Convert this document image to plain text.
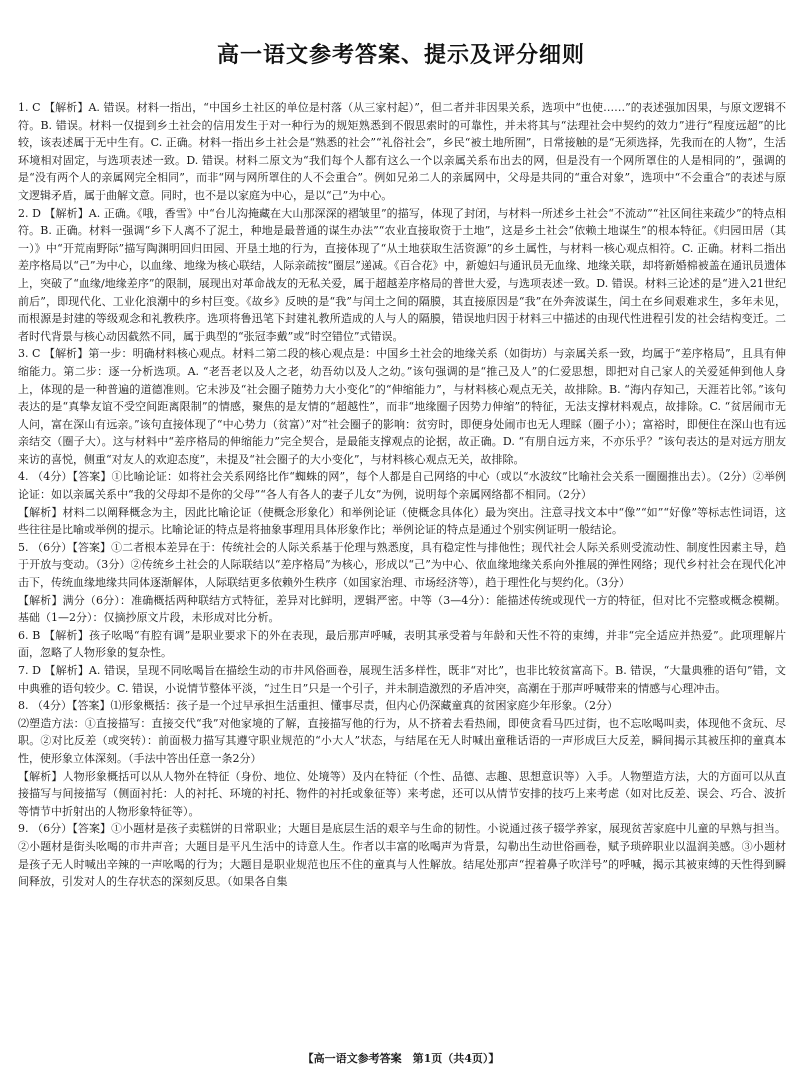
高一语文参考答案、提示及评分细则

1. C 【解析】A. 错误。材料一指出，“中国乡土社区的单位是村落（从三家村起）”，但二者并非因果关系，选项中“也使……”的表述强加因果，与原文逻辑不符。B. 错误。材料一仅提到乡土社会的信用发生于对一种行为的规矩熟悉到不假思索时的可靠性，并未将其与“法理社会中契约的效力”进行“程度远超”的比较，该表述属于无中生有。C. 正确。材料一指出乡土社会是“熟悉的社会”“礼俗社会”，乡民“被土地所囿”，日常接触的是“无须选择，先我而在的人物”，生活环境相对固定，与选项表述一致。D. 错误。材料二原文为“我们每个人都有这么一个以亲属关系布出去的网，但是没有一个网所罩住的人是相同的”，强调的是“没有两个人的亲属网完全相同”，而非“网与网所罩住的人不会重合”。例如兄弟二人的亲属网中，父母是共同的“重合对象”，选项中“不会重合”的表述与原文逻辑矛盾，属于曲解文意。同时，也不是以家庭为中心，是以“己”为中心。

2. D 【解析】A. 正确。《哦，香雪》中“台儿沟掩藏在大山那深深的褶皱里”的描写，体现了封闭，与材料一所述乡土社会“不流动”“社区间往来疏少”的特点相符。B. 正确。材料一强调“乡下人离不了泥土，种地是最普通的谋生办法”“农业直接取资于土地”，这是乡土社会“依赖土地谋生”的根本特征。《归园田居（其一）》中“开荒南野际”描写陶渊明回归田园、开垦土地的行为，直接体现了“从土地获取生活资源”的乡土属性，与材料一核心观点相符。C. 正确。材料二指出差序格局以“己”为中心，以血缘、地缘为核心联结，人际亲疏按“圈层”递减。《百合花》中，新媳妇与通讯员无血缘、地缘关联，却将新婚棉被盖在通讯员遗体上，突破了“血缘/地缘差序”的限制，展现出对革命战友的无私关爱，属于超越差序格局的普世大爱，与选项表述一致。D. 错误。材料三论述的是“进入21世纪前后”，即现代化、工业化浪潮中的乡村巨变。《故乡》反映的是“我”与闰土之间的隔膜，其直接原因是“我”在外奔波谋生，闰土在乡间艰难求生，多年未见，而根源是封建的等级观念和礼教秩序。选项将鲁迅笔下封建礼教所造成的人与人的隔膜，错误地归因于材料三中描述的由现代性进程引发的社会结构变迁。二者时代背景与核心动因截然不同，属于典型的“张冠李戴”或“时空错位”式错误。

3. C 【解析】第一步：明确材料核心观点。材料二第二段的核心观点是：中国乡土社会的地缘关系（如街坊）与亲属关系一致，均属于“差序格局”，且具有伸缩能力。第二步：逐一分析选项。A. “老吾老以及人之老，幼吾幼以及人之幼。”该句强调的是“推己及人”的仁爱思想，即把对自己家人的关爱延伸到他人身上，体现的是一种普遍的道德准则。它未涉及“社会圈子随势力大小变化”的“伸缩能力”，与材料核心观点无关，故排除。B. “海内存知己，天涯若比邻。”该句表达的是“真挚友谊不受空间距离限制”的情感，聚焦的是友情的“超越性”，而非“地缘圈子因势力伸缩”的特征，无法支撑材料观点，故排除。C. “贫居闹市无人问，富在深山有远亲。”该句直接体现了“中心势力（贫富）”对“社会圈子的影响：贫穷时，即便身处闹市也无人理睬（圈子小）；富裕时，即便住在深山也有远亲结交（圈子大）。这与材料中“差序格局的伸缩能力”完全契合，是最能支撑观点的论据，故正确。D. “有朋自远方来，不亦乐乎？”该句表达的是对远方朋友来访的喜悦，侧重“对友人的欢迎态度”，未提及“社会圈子的大小变化”，与材料核心观点无关，故排除。

4. （4分）【答案】①比喻论证：如将社会关系网络比作“蜘蛛的网”，每个人都是自己网络的中心（或以“水波纹”比喻社会关系一圈圈推出去）。（2分）②举例论证：如以亲属关系中“我的父母却不是你的父母”“各人有各人的妻子儿女”为例，说明每个亲属网络都不相同。（2分）

【解析】材料二以阐释概念为主，因此比喻论证（使概念形象化）和举例论证（使概念具体化）最为突出。注意寻找文本中“像”“如”“好像”等标志性词语，这些往往是比喻或举例的提示。比喻论证的特点是将抽象事理用具体形象作比；举例论证的特点是通过个别实例证明一般结论。

5. （6分）【答案】①二者根本差异在于：传统社会的人际关系基于伦理与熟悉度，具有稳定性与排他性；现代社会人际关系则受流动性、制度性因素主导，趋于开放与变动。（3分）②传统乡土社会的人际联结以“差序格局”为核心，形成以“己”为中心、依血缘地缘关系向外推展的弹性网络；现代乡村社会在现代化冲击下，传统血缘地缘共同体逐渐解体，人际联结更多依赖外生秩序（如国家治理、市场经济等），趋于理性化与契约化。（3分）

【解析】满分（6分）：准确概括两种联结方式特征，差异对比鲜明，逻辑严密。中等（3—4分）：能描述传统或现代一方的特征，但对比不完整或概念模糊。基础（1—2分）：仅摘抄原文片段，未形成对比分析。

6. B 【解析】孩子吆喝“有腔有调”是职业要求下的外在表现，最后那声呼喊，表明其承受着与年龄和天性不符的束缚，并非“完全适应并热爱”。此项理解片面，忽略了人物形象的复杂性。

7. D 【解析】A. 错误，呈现不同吆喝旨在描绘生动的市井风俗画卷，展现生活多样性，既非“对比”，也非比较贫富高下。B. 错误，“大量典雅的语句”错，文中典雅的语句较少。C. 错误，小说情节整体平淡，“过生日”只是一个引子，并未制造激烈的矛盾冲突，高潮在于那声呼喊带来的情感与心理冲击。

8. （4分）【答案】⑴形象概括：孩子是一个过早承担生活重担、懂事尽责，但内心仍深藏童真的贫困家庭少年形象。（2分）

⑵塑造方法：①直接描写：直接交代“我”对他家境的了解，直接描写他的行为，从不挤着去看热闹，即使贪看马匹过街，也不忘吆喝叫卖，体现他不贪玩、尽职。②对比反差（或突转）：前面极力描写其遵守职业规范的“小大人”状态，与结尾在无人时喊出童稚话语的一声形成巨大反差，瞬间揭示其被压抑的童真本性，使形象立体深刻。（手法中答出任意一条2分）

【解析】人物形象概括可以从人物外在特征（身份、地位、处境等）及内在特征（个性、品德、志趣、思想意识等）入手。人物塑造方法，大的方面可以从直接描写与间接描写（侧面衬托：人的衬托、环境的衬托、物件的衬托或象征等）来考虑，还可以从情节安排的技巧上来考虑（如对比反差、误会、巧合、波折等情节中折射出的人物形象特征等）。

9. （6分）【答案】①小题材是孩子卖糕饼的日常职业；大题目是底层生活的艰辛与生命的韧性。小说通过孩子辍学养家，展现贫苦家庭中儿童的早熟与担当。②小题材是街头吆喝的市井声音；大题目是平凡生活中的诗意人生。作者以丰富的吆喝声为背景，勾勒出生动世俗画卷，赋予琐碎职业以温润美感。③小题材是孩子无人时喊出辛辣的一声吆喝的行为；大题目是职业规范也压不住的童真与人性解放。结尾处那声“捏着鼻子吹洋号”的呼喊，揭示其被束缚的天性得到瞬间释放，引发对人的生存状态的深刻反思。（如果各自集

【高一语文参考答案　第1页（共4页）】
